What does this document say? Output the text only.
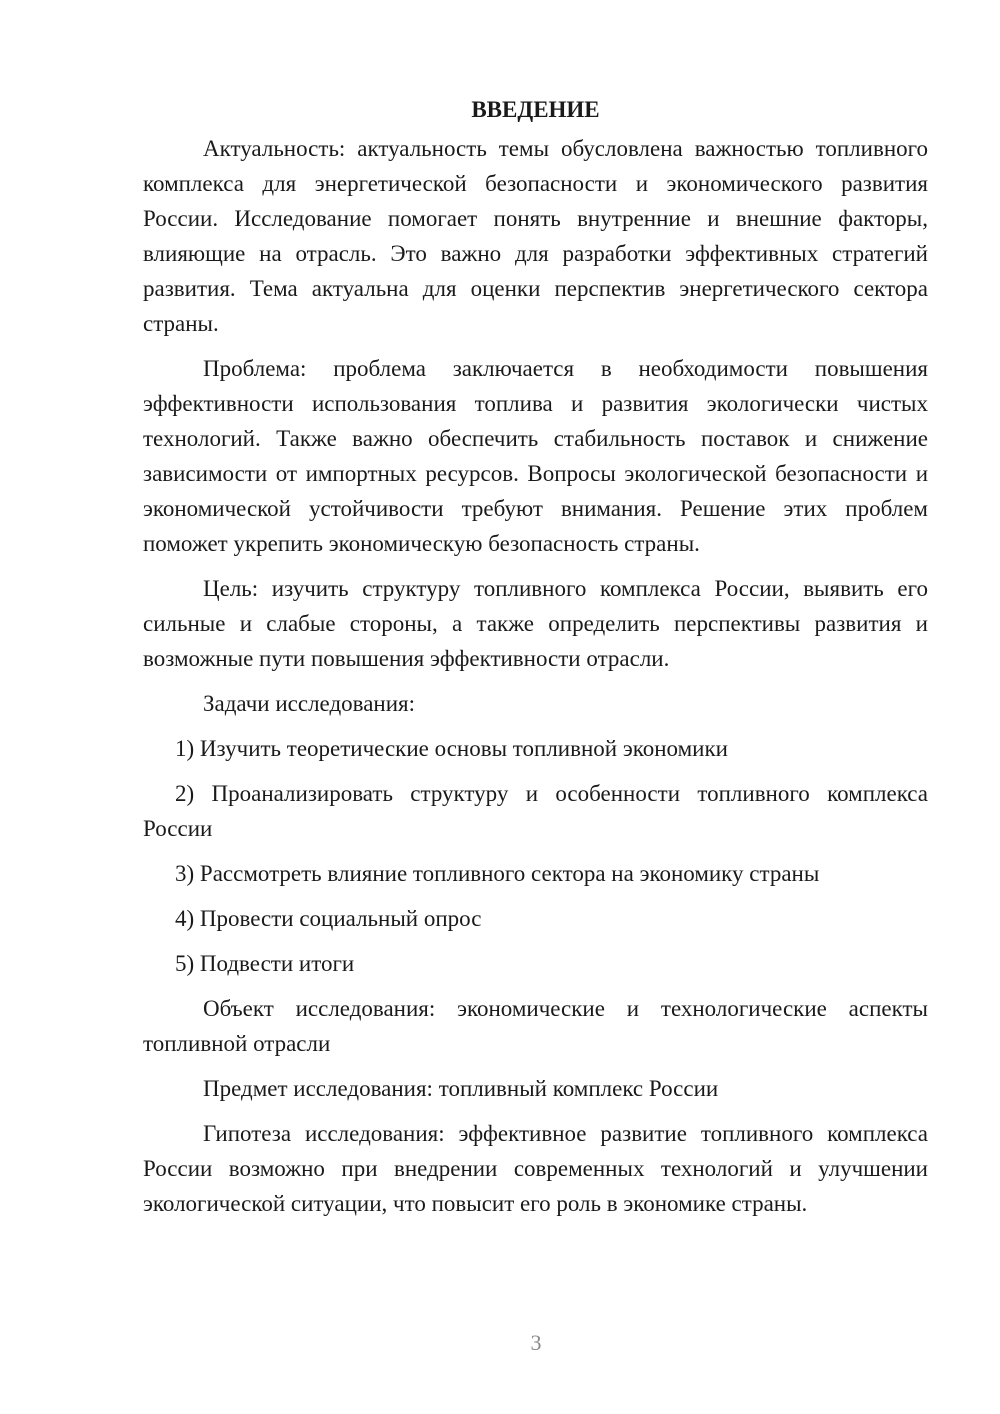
ВВЕДЕНИЕ

Актуальность: актуальность темы обусловлена важностью топливного комплекса для энергетической безопасности и экономического развития России. Исследование помогает понять внутренние и внешние факторы, влияющие на отрасль. Это важно для разработки эффективных стратегий развития. Тема актуальна для оценки перспектив энергетического сектора страны.

Проблема: проблема заключается в необходимости повышения эффективности использования топлива и развития экологически чистых технологий. Также важно обеспечить стабильность поставок и снижение зависимости от импортных ресурсов. Вопросы экологической безопасности и экономической устойчивости требуют внимания. Решение этих проблем поможет укрепить экономическую безопасность страны.

Цель: изучить структуру топливного комплекса России, выявить его сильные и слабые стороны, а также определить перспективы развития и возможные пути повышения эффективности отрасли.

Задачи исследования:

1) Изучить теоретические основы топливной экономики

2) Проанализировать структуру и особенности топливного комплекса России

3) Рассмотреть влияние топливного сектора на экономику страны

4) Провести социальный опрос

5) Подвести итоги

Объект исследования: экономические и технологические аспекты топливной отрасли

Предмет исследования: топливный комплекс России

Гипотеза исследования: эффективное развитие топливного комплекса России возможно при внедрении современных технологий и улучшении экологической ситуации, что повысит его роль в экономике страны.

3
